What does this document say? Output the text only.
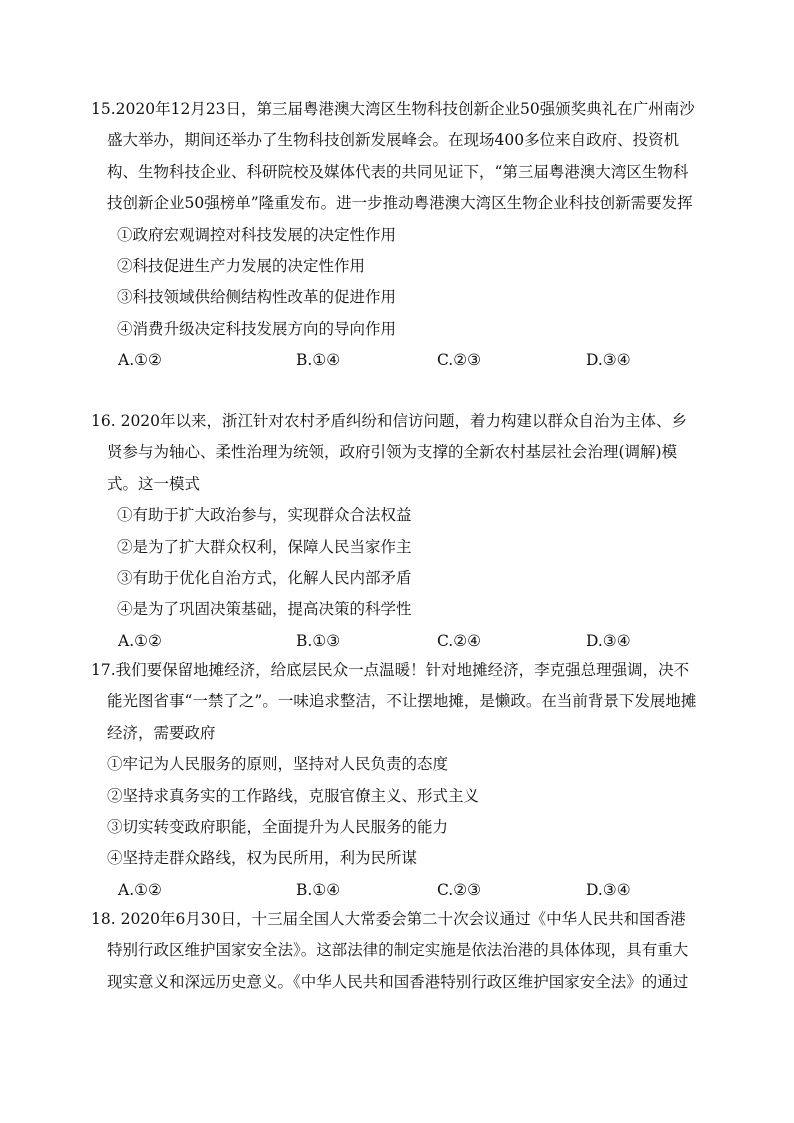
15.2020年12月23日，第三届粤港澳大湾区生物科技创新企业50强颁奖典礼在广州南沙盛大举办，期间还举办了生物科技创新发展峰会。在现场400多位来自政府、投资机构、生物科技企业、科研院校及媒体代表的共同见证下，“第三届粤港澳大湾区生物科技创新企业50强榜单”隆重发布。进一步推动粤港澳大湾区生物企业科技创新需要发挥

①政府宏观调控对科技发展的决定性作用

②科技促进生产力发展的决定性作用

③科技领域供给侧结构性改革的促进作用

④消费升级决定科技发展方向的导向作用

A.①②	B.①④	C.②③	D.③④

16. 2020年以来，浙江针对农村矛盾纠纷和信访问题，着力构建以群众自治为主体、乡贤参与为轴心、柔性治理为统领，政府引领为支撑的全新农村基层社会治理(调解)模式。这一模式

①有助于扩大政治参与，实现群众合法权益

②是为了扩大群众权利，保障人民当家作主

③有助于优化自治方式，化解人民内部矛盾

④是为了巩固决策基础，提高决策的科学性

A.①②	B.①③	C.②④	D.③④

17.我们要保留地摊经济，给底层民众一点温暖！针对地摊经济，李克强总理强调，决不能光图省事“一禁了之”。一味追求整洁，不让摆地摊，是懒政。在当前背景下发展地摊经济，需要政府

①牢记为人民服务的原则，坚持对人民负责的态度

②坚持求真务实的工作路线，克服官僚主义、形式主义

③切实转变政府职能，全面提升为人民服务的能力

④坚持走群众路线，权为民所用，利为民所谋

A.①②	B.①④	C.②③	D.③④

18. 2020年6月30日，十三届全国人大常委会第二十次会议通过《中华人民共和国香港特别行政区维护国家安全法》。这部法律的制定实施是依法治港的具体体现，具有重大现实意义和深远历史意义。《中华人民共和国香港特别行政区维护国家安全法》的通过
